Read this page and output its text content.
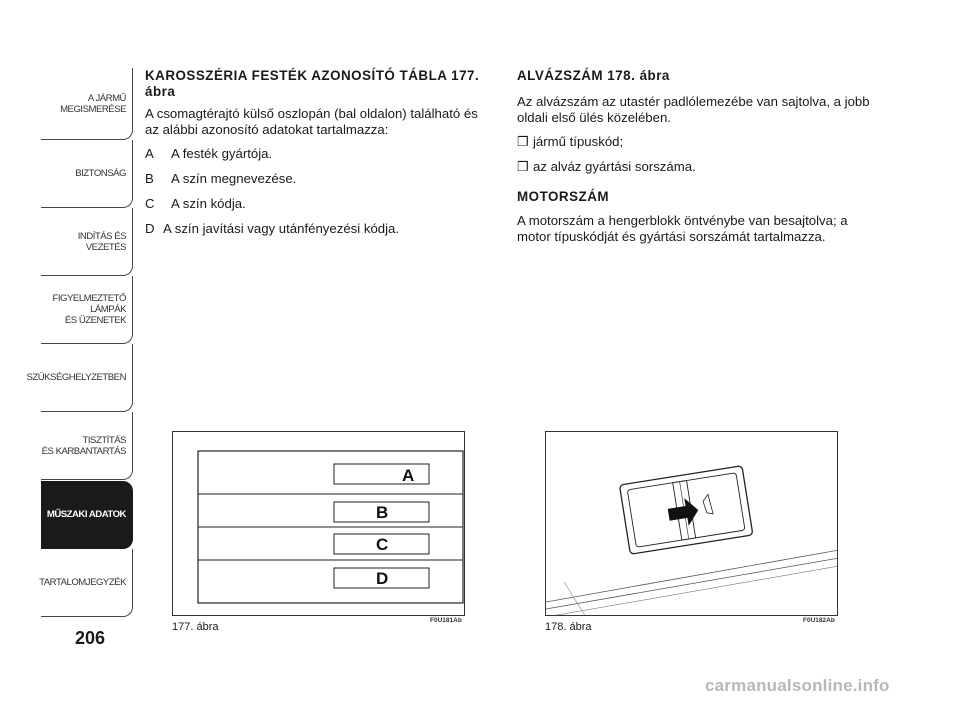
A JÁRMŰ
MEGISMERÉSE
BIZTONSÁG
INDÍTÁS ÉS VEZETÉS
FIGYELMEZTETŐ
LÁMPÁK
ÉS ÜZENETEK
SZÜKSÉGHELYZETBEN
TISZTÍTÁS
ÉS KARBANTARTÁS
MŰSZAKI ADATOK
TARTALOMJEGYZÉK
206
KAROSSZÉRIA FESTÉK AZONOSÍTÓ TÁBLA 177. ábra

A csomagtérajtó külső oszlopán (bal oldalon) található és az alábbi azonosító adatokat tartalmazza:

A	A festék gyártója.
B	A szín megnevezése.
C	A szín kódja.
D A szín javítási vagy utánfényezési kódja.
ALVÁZSZÁM 178. ábra

Az alvázszám az utastér padlólemezébe van sajtolva, a jobb oldali első ülés közelében.

❒ jármű típuskód;
❒ az alváz gyártási sorszáma.
MOTORSZÁM

A motorszám a hengerblokk öntvénybe van besajtolva; a motor típuskódját és gyártási sorszámát tartalmazza.

A
B
C
D
177. ábra
F0U181Ab
178. ábra
F0U182Ab
carmanualsonline.info
